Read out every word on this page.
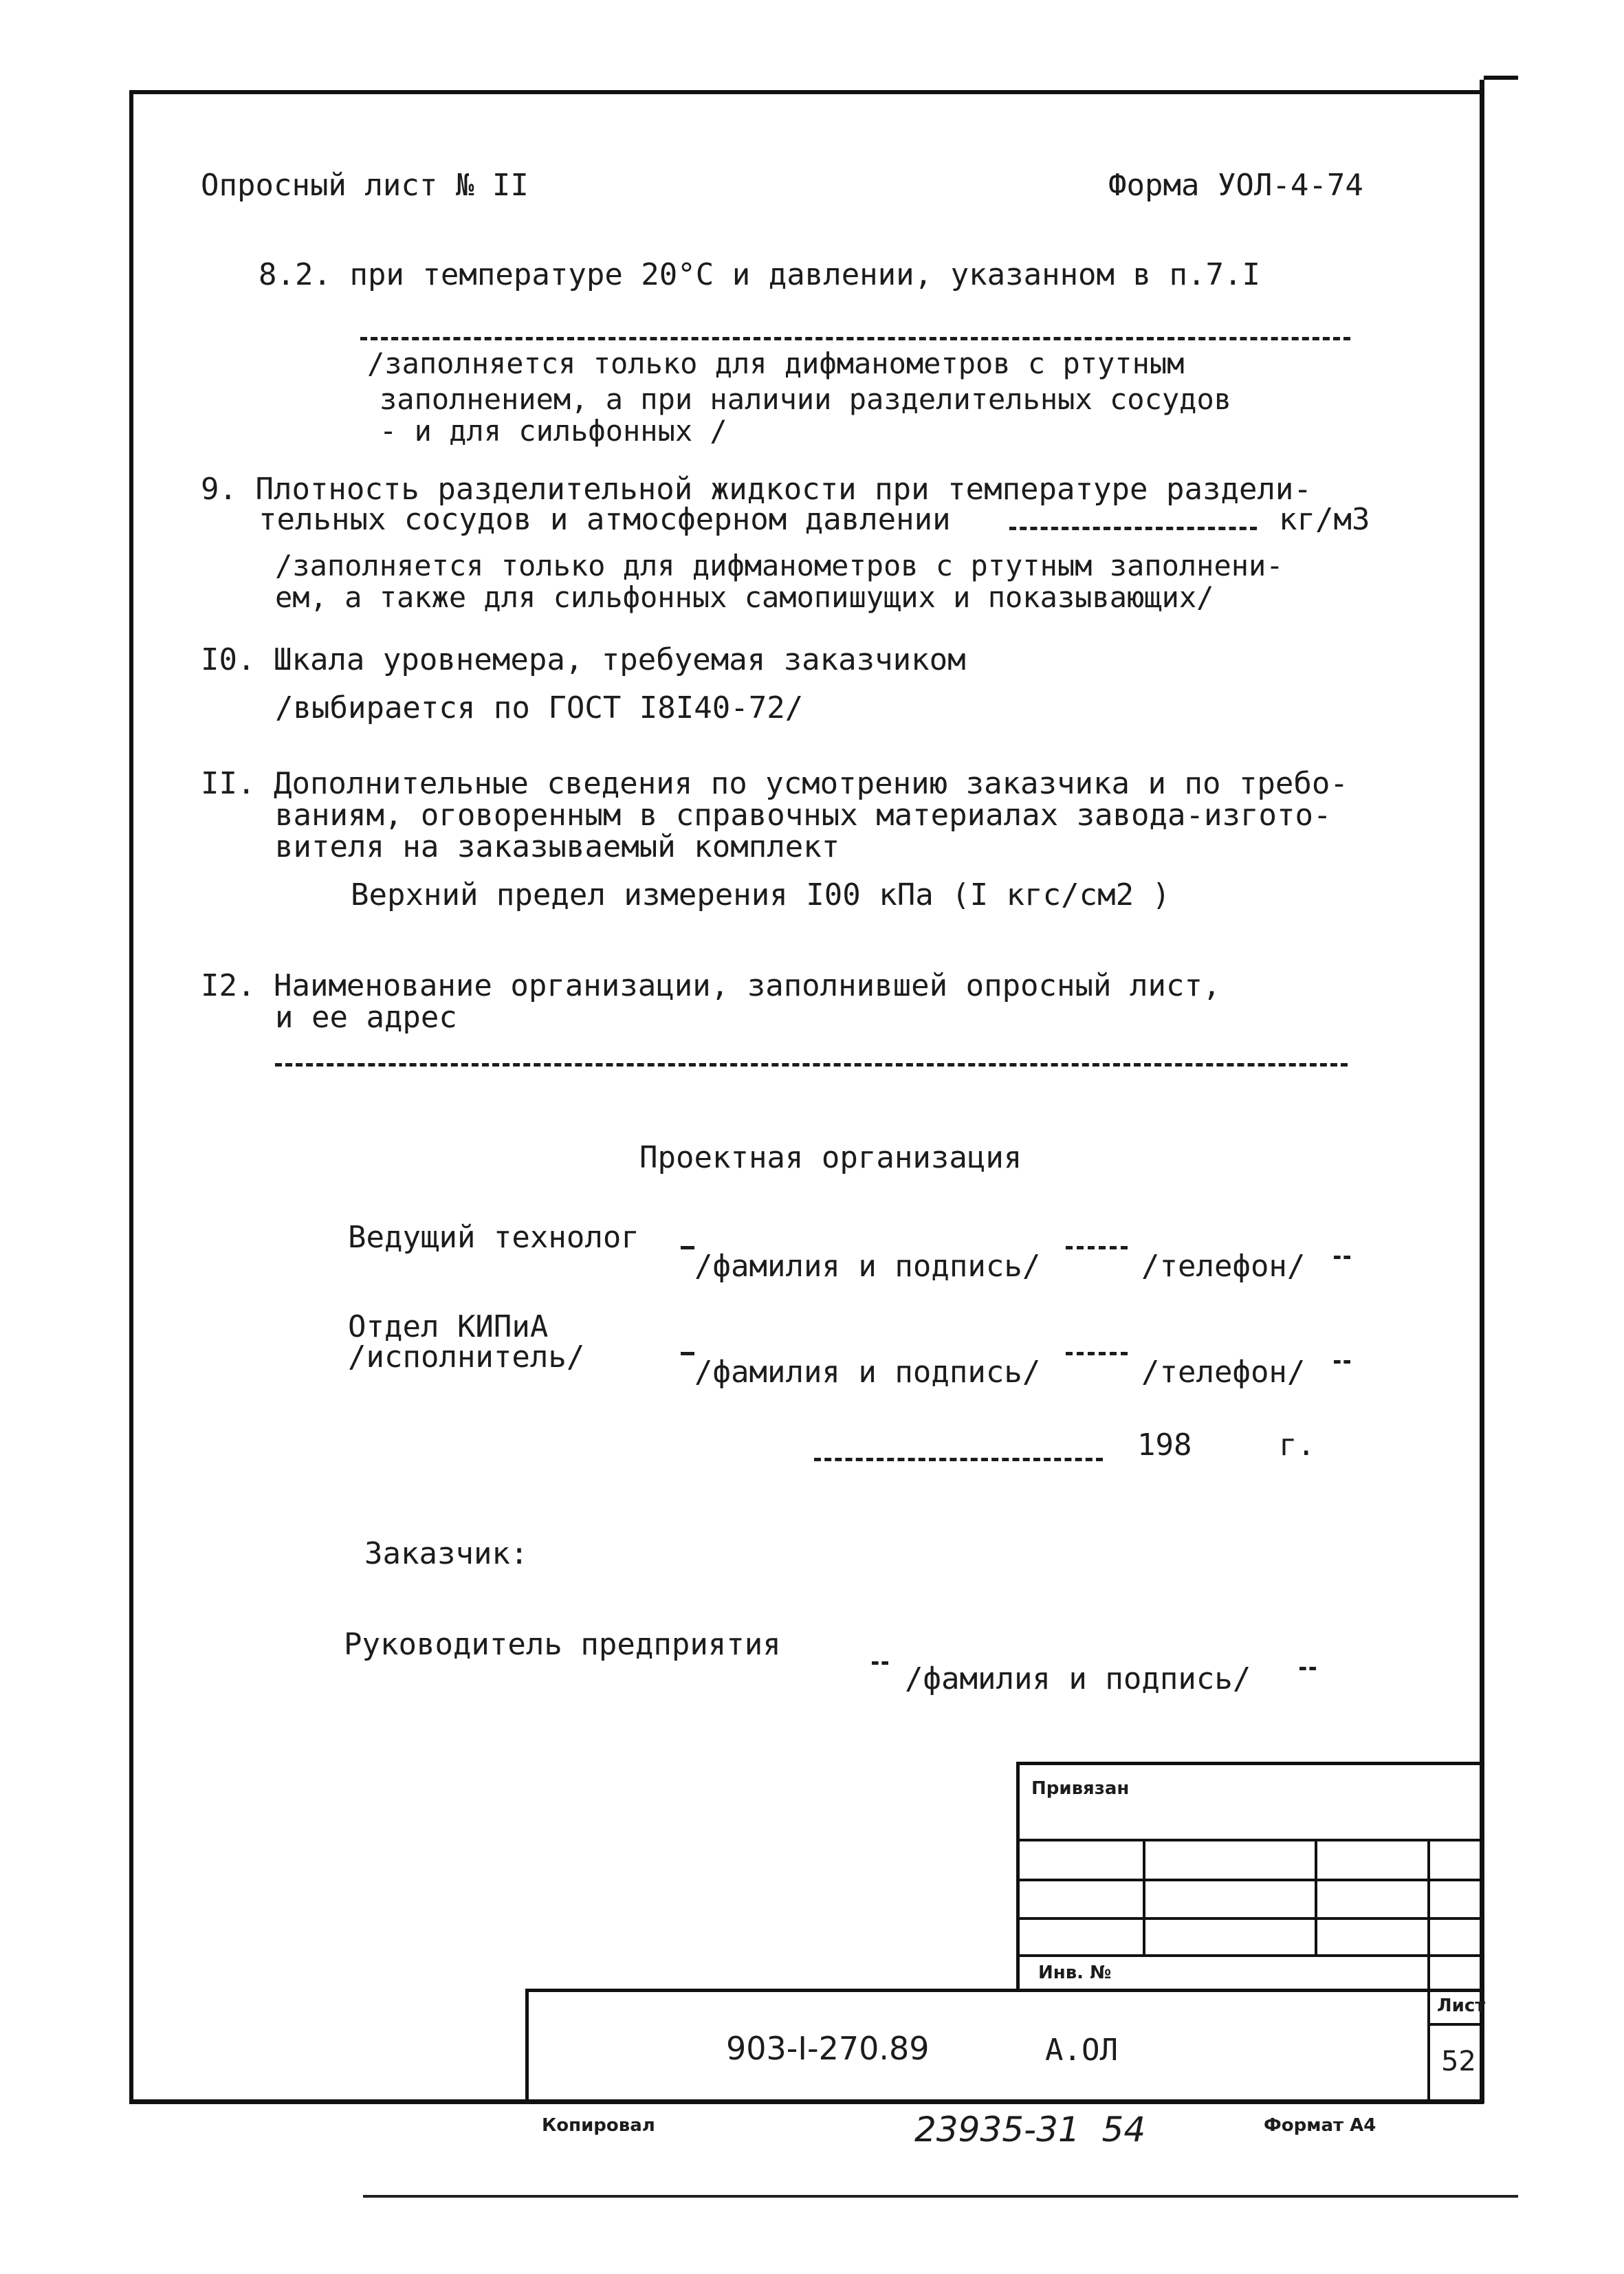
Опросный лист № II	Форма УОЛ-4-74
8.2. при температуре 20°С и давлении, указанном в п.7.I
/заполняется только для дифманометров с ртутным
заполнением, а при наличии разделительных сосудов
- и для сильфонных /
9. Плотность разделительной жидкости при температуре раздели-
тельных сосудов и атмосферном давлении	кг/м3
/заполняется только для дифманометров с ртутным заполнени-
ем, а также для сильфонных самопишущих и показывающих/
I0. Шкала уровнемера, требуемая заказчиком
/выбирается по ГОСТ I8I40-72/
II. Дополнительные сведения по усмотрению заказчика и по требо-
ваниям, оговоренным в справочных материалах завода-изгото-
вителя на заказываемый комплект
Верхний предел измерения I00 кПа (I кгс/см2 )
I2. Наименование организации, заполнившей опросный лист,
и ее адрес
Проектная организация
Ведущий технолог
/фамилия и подпись/	/телефон/
Отдел КИПиА
/исполнитель/	/фамилия и подпись/	/телефон/
198	г.
Заказчик:
Руководитель предприятия
/фамилия и подпись/
Привязан
Инв. №
903-I-270.89	А.ОЛ
Лист
52
Копировал	23935-31  54	Формат А4
